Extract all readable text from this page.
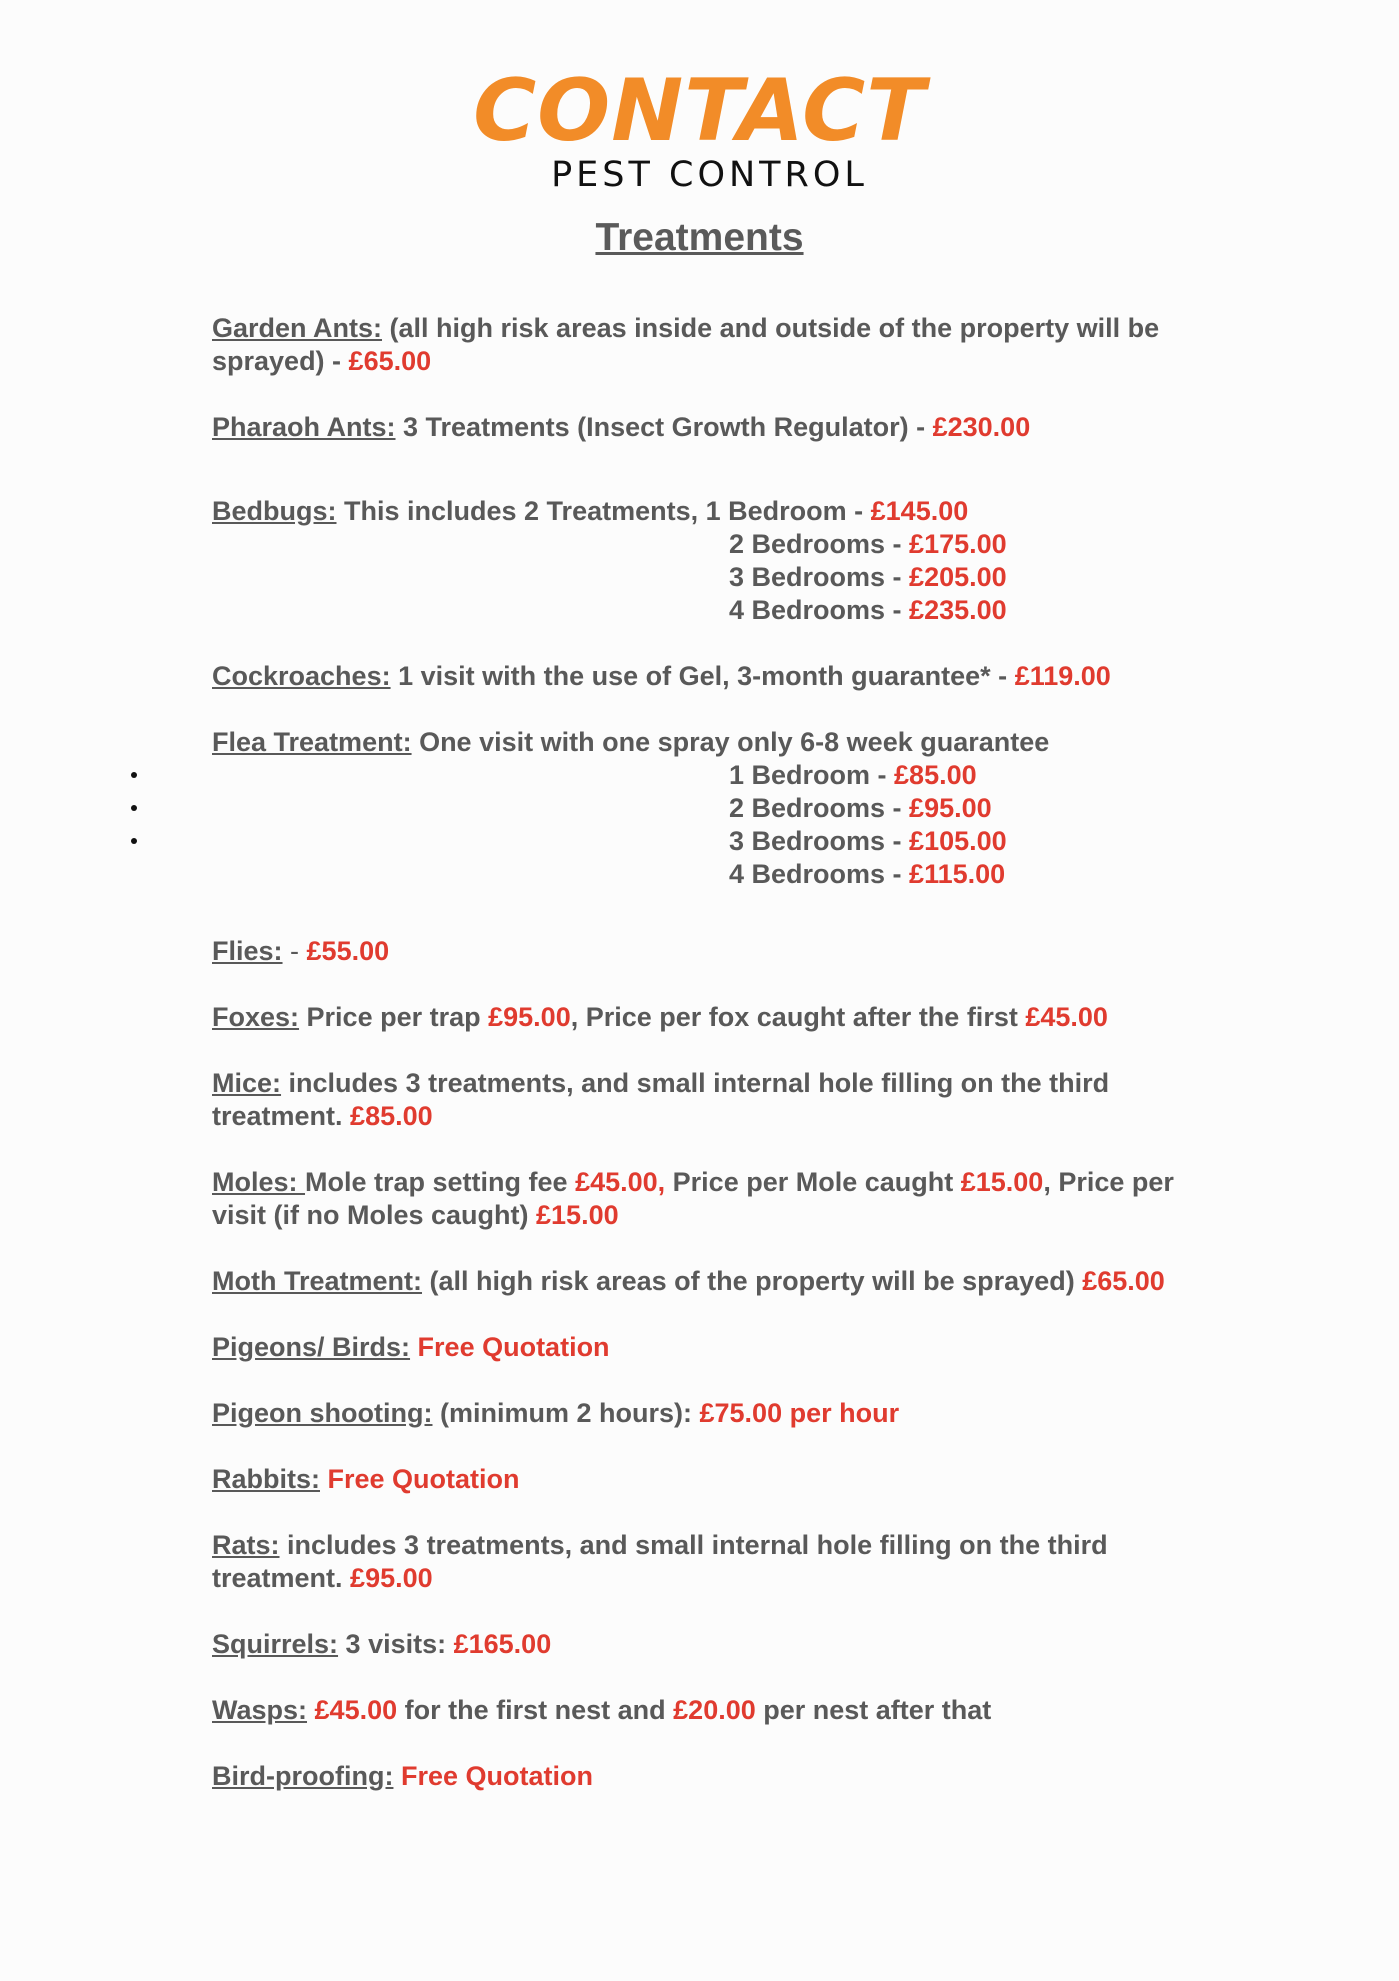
CONTACT
PEST CONTROL
Treatments

Garden Ants: (all high risk areas inside and outside of the property will be sprayed) - £65.00

Pharaoh Ants: 3 Treatments (Insect Growth Regulator) - £230.00

Bedbugs: This includes 2 Treatments, 1 Bedroom - £145.00
2 Bedrooms - £175.00
3 Bedrooms - £205.00
4 Bedrooms - £235.00

Cockroaches: 1 visit with the use of Gel, 3-month guarantee* - £119.00

Flea Treatment: One visit with one spray only 6-8 week guarantee
1 Bedroom - £85.00
2 Bedrooms - £95.00
3 Bedrooms - £105.00
4 Bedrooms - £115.00

Flies: - £55.00

Foxes: Price per trap £95.00, Price per fox caught after the first £45.00

Mice: includes 3 treatments, and small internal hole filling on the third treatment. £85.00

Moles: Mole trap setting fee £45.00, Price per Mole caught £15.00, Price per visit (if no Moles caught) £15.00

Moth Treatment: (all high risk areas of the property will be sprayed) £65.00

Pigeons/ Birds: Free Quotation

Pigeon shooting: (minimum 2 hours): £75.00 per hour

Rabbits: Free Quotation

Rats: includes 3 treatments, and small internal hole filling on the third treatment. £95.00

Squirrels: 3 visits: £165.00

Wasps: £45.00 for the first nest and £20.00 per nest after that

Bird-proofing: Free Quotation
